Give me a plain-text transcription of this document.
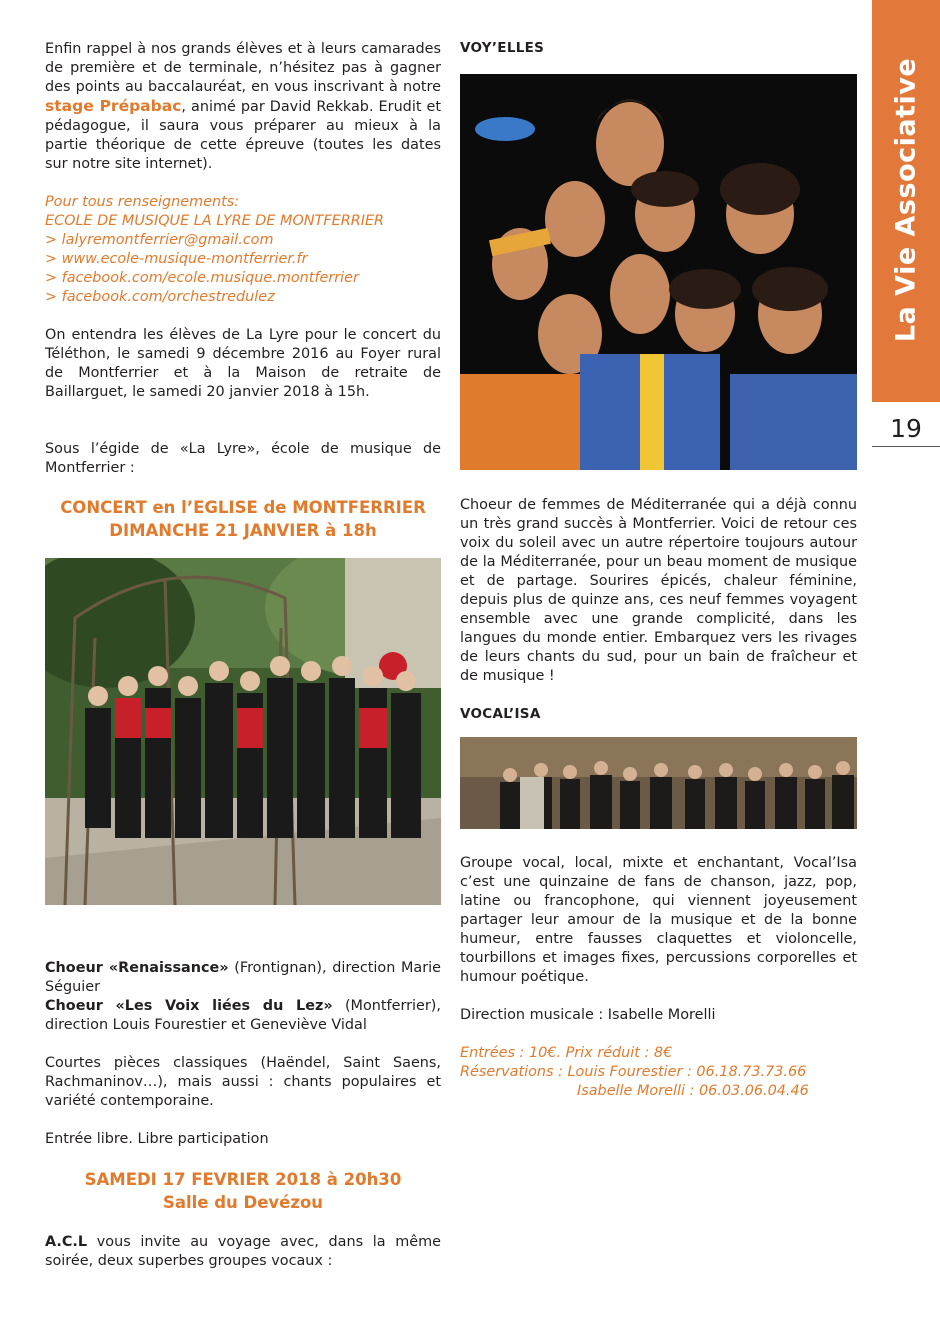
La Vie Associative
19

Enfin rappel à nos grands élèves et à leurs camarades de première et de terminale, n’hésitez pas à gagner des points au baccalauréat, en vous inscrivant à notre stage Prépabac, animé par David Rekkab. Erudit et pédagogue, il saura vous préparer au mieux à la partie théorique de cette épreuve (toutes les dates sur notre site internet).

Pour tous renseignements:
ECOLE DE MUSIQUE LA LYRE DE MONTFERRIER
> lalyremontferrier@gmail.com
> www.ecole-musique-montferrier.fr
> facebook.com/ecole.musique.montferrier
> facebook.com/orchestredulez

On entendra les élèves de La Lyre pour le concert du Téléthon, le samedi 9 décembre 2016 au Foyer rural de Montferrier et à la Maison de retraite de Baillarguet, le samedi 20 janvier 2018 à 15h.

Sous l’égide de «La Lyre», école de musique de Montferrier :

CONCERT en l’EGLISE de MONTFERRIER
DIMANCHE 21 JANVIER à 18h

Choeur «Renaissance» (Frontignan), direction Marie Séguier

Choeur «Les Voix liées du Lez» (Montferrier), direction Louis Fourestier et Geneviève Vidal

Courtes pièces classiques (Haëndel, Saint Saens, Rachmaninov…), mais aussi : chants populaires et variété contemporaine.

Entrée libre. Libre participation

SAMEDI 17 FEVRIER 2018 à 20h30
Salle du Devézou

A.C.L vous invite au voyage avec, dans la même soirée, deux superbes groupes vocaux :

VOY’ELLES

Choeur de femmes de Méditerranée qui a déjà connu un très grand succès à Montferrier. Voici de retour ces voix du soleil avec un autre répertoire toujours autour de la Méditerranée, pour un beau moment de musique et de partage. Sourires épicés, chaleur féminine, depuis plus de quinze ans, ces neuf femmes voyagent ensemble avec une grande complicité, dans les langues du monde entier. Embarquez vers les rivages de leurs chants du sud, pour un bain de fraîcheur et de musique !

VOCAL’ISA

Groupe vocal, local, mixte et enchantant, Vocal’Isa c’est une quinzaine de fans de chanson, jazz, pop, latine ou francophone, qui viennent joyeusement partager leur amour de la musique et de la bonne humeur, entre fausses claquettes et violoncelle, tourbillons et images fixes, percussions corporelles et humour poétique.

Direction musicale : Isabelle Morelli

Entrées : 10€. Prix réduit : 8€
Réservations : Louis Fourestier : 06.18.73.73.66
Isabelle Morelli : 06.03.06.04.46
